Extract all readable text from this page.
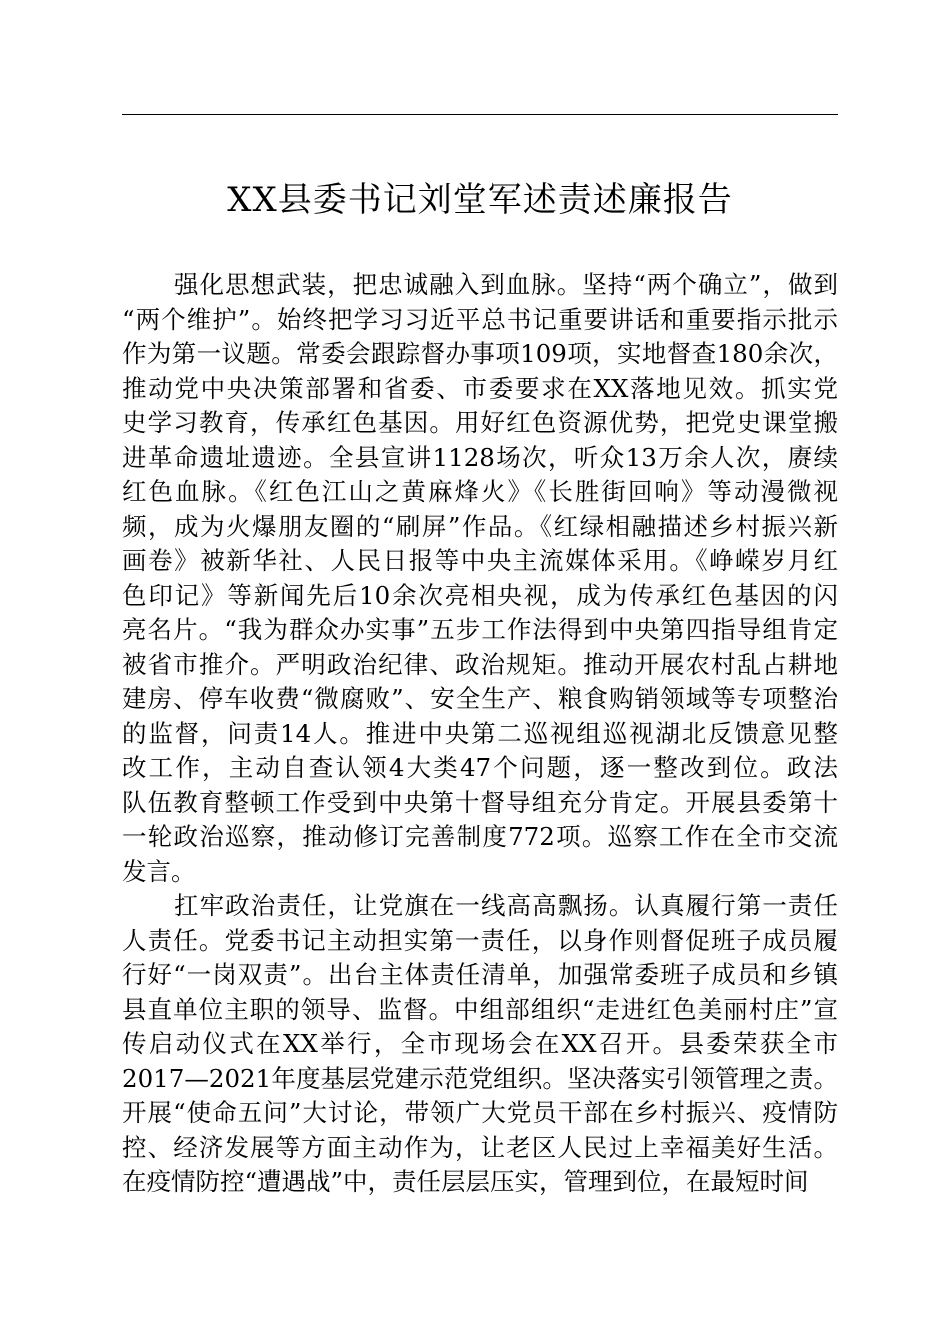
XX县委书记刘堂军述责述廉报告
强化思想武装，把忠诚融入到血脉。坚持“两个确立”，做到
“两个维护”。始终把学习习近平总书记重要讲话和重要指示批示
作为第一议题。常委会跟踪督办事项109项，实地督查180余次，
推动党中央决策部署和省委、市委要求在XX落地见效。抓实党
史学习教育，传承红色基因。用好红色资源优势，把党史课堂搬
进革命遗址遗迹。全县宣讲1128场次，听众13万余人次，赓续
红色血脉。《红色江山之黄麻烽火》《长胜街回响》等动漫微视
频，成为火爆朋友圈的“刷屏”作品。《红绿相融描述乡村振兴新
画卷》被新华社、人民日报等中央主流媒体采用。《峥嵘岁月红
色印记》等新闻先后10余次亮相央视，成为传承红色基因的闪
亮名片。“我为群众办实事”五步工作法得到中央第四指导组肯定
被省市推介。严明政治纪律、政治规矩。推动开展农村乱占耕地
建房、停车收费“微腐败”、安全生产、粮食购销领域等专项整治
的监督，问责14人。推进中央第二巡视组巡视湖北反馈意见整
改工作，主动自查认领4大类47个问题，逐一整改到位。政法
队伍教育整顿工作受到中央第十督导组充分肯定。开展县委第十
一轮政治巡察，推动修订完善制度772项。巡察工作在全市交流
发言。
扛牢政治责任，让党旗在一线高高飘扬。认真履行第一责任
人责任。党委书记主动担实第一责任，以身作则督促班子成员履
行好“一岗双责”。出台主体责任清单，加强常委班子成员和乡镇
县直单位主职的领导、监督。中组部组织“走进红色美丽村庄”宣
传启动仪式在XX举行，全市现场会在XX召开。县委荣获全市
2017—2021年度基层党建示范党组织。坚决落实引领管理之责。
开展“使命五问”大讨论，带领广大党员干部在乡村振兴、疫情防
控、经济发展等方面主动作为，让老区人民过上幸福美好生活。
在疫情防控“遭遇战”中，责任层层压实，管理到位，在最短时间
